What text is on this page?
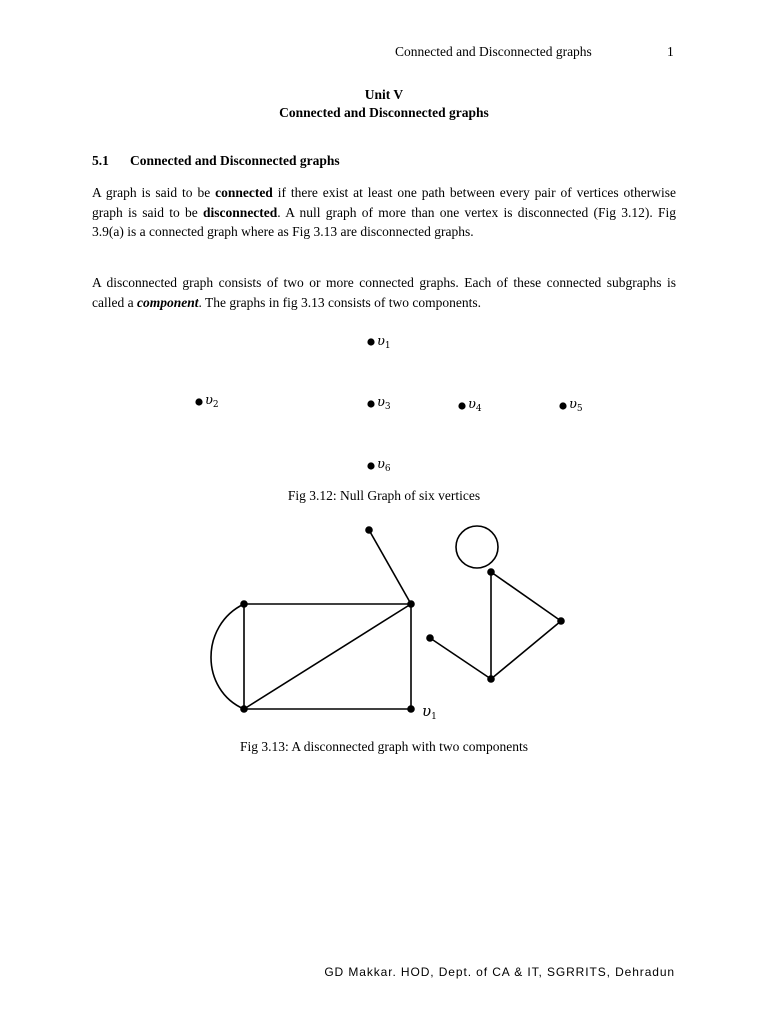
Connected and Disconnected graphs	1
Unit V
Connected and Disconnected graphs
5.1 Connected and Disconnected graphs

A graph is said to be connected if there exist at least one path between every pair of vertices otherwise graph is said to be disconnected. A null graph of more than one vertex is disconnected (Fig 3.12). Fig 3.9(a) is a connected graph where as Fig 3.13 are disconnected graphs.

A disconnected graph consists of two or more connected graphs. Each of these connected subgraphs is called a component. The graphs in fig 3.13 consists of two components.

$\upsilon_1$
$\upsilon_2$	$\upsilon_3$	$\upsilon_4$	$\upsilon_5$
$\upsilon_6$
Fig 3.12: Null Graph of six vertices
$\upsilon_1$
Fig 3.13: A disconnected graph with two components
GD Makkar. HOD, Dept. of CA & IT, SGRRITS, Dehradun
